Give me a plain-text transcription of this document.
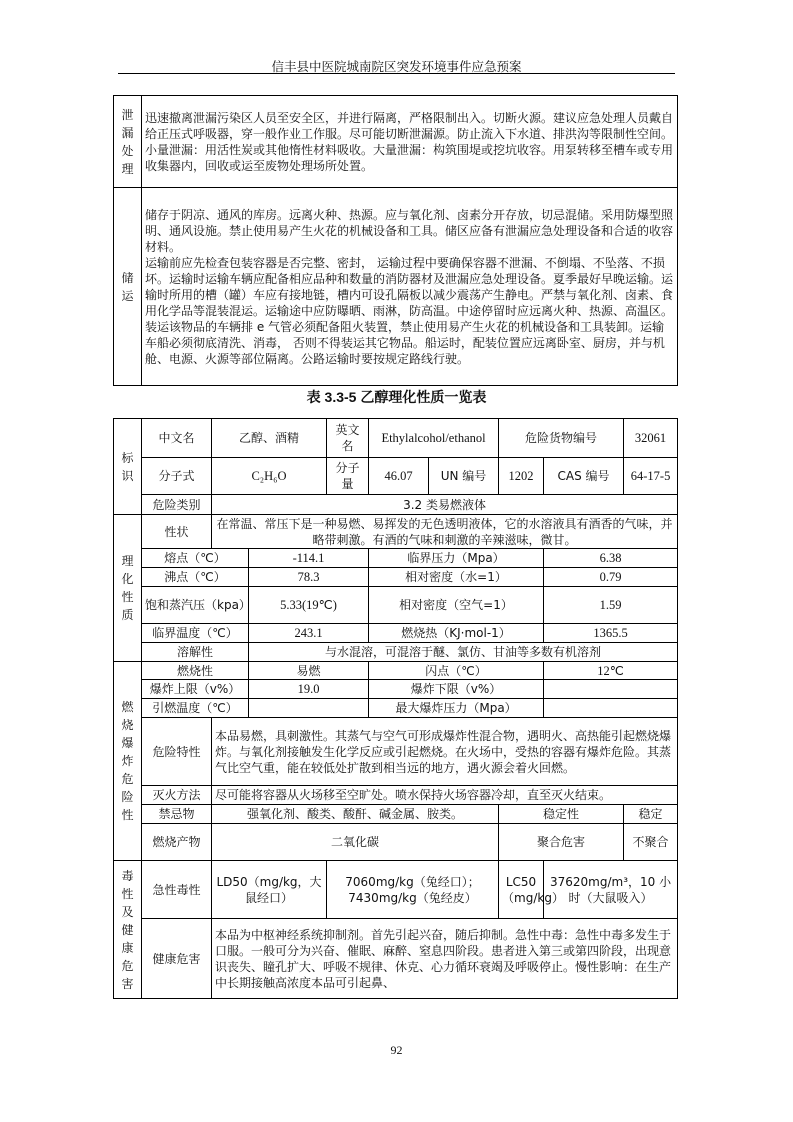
信丰县中医院城南院区突发环境事件应急预案
泄漏处理	迅速撤离泄漏污染区人员至安全区，并进行隔离，严格限制出入。切断火源。建议应急处理人员戴自给正压式呼吸器，穿一般作业工作服。尽可能切断泄漏源。防止流入下水道、排洪沟等限制性空间。小量泄漏：用活性炭或其他惰性材料吸收。大量泄漏：构筑围堤或挖坑收容。用泵转移至槽车或专用收集器内，回收或运至废物处理场所处置。

储运	储存于阴凉、通风的库房。远离火种、热源。应与氧化剂、卤素分开存放，切忌混储。采用防爆型照明、通风设施。禁止使用易产生火花的机械设备和工具。储区应备有泄漏应急处理设备和合适的收容材料。
运输前应先检查包装容器是否完整、密封， 运输过程中要确保容器不泄漏、不倒塌、不坠落、不损坏。运输时运输车辆应配备相应品种和数量的消防器材及泄漏应急处理设备。夏季最好早晚运输。运输时所用的槽（罐）车应有接地链，槽内可设孔隔板以减少震荡产生静电。严禁与氧化剂、卤素、食用化学品等混装混运。运输途中应防曝晒、雨淋，防高温。中途停留时应远离火种、热源、高温区。装运该物品的车辆排 e 气管必须配备阻火装置，禁止使用易产生火花的机械设备和工具装卸。运输车船必须彻底清洗、消毒， 否则不得装运其它物品。船运时，配装位置应远离卧室、厨房，并与机舱、电源、火源等部位隔离。公路运输时要按规定路线行驶。
表 3.3-5 乙醇理化性质一览表
标识	中文名	乙醇、酒精		英文名	Ethylalcohol/ethanol		危险货物编号		32061
	分子式	C₂H₆O		分子量	46.07	UN 编号	1202	CAS 编号	64-17-5
	危险类别	3.2 类易燃液体							

理化性质	性状	在常温、常压下是一种易燃、易挥发的无色透明液体，它的水溶液具有酒香的气味，并略带刺激。有酒的气味和刺激的辛辣滋味，微甘。							
	熔点（℃）		-114.1		临界压力（Mpa）			6.38	
	沸点（℃）		78.3		相对密度（水=1）			0.79	
	饱和蒸汽压（kpa）		5.33(19℃)		相对密度（空气=1）			1.59	
	临界温度（℃）		243.1		燃烧热（KJ·mol-1）			1365.5	
	溶解性		与水混溶，可混溶于醚、氯仿、甘油等多数有机溶剂						

燃烧爆炸危险性	燃烧性		易燃		闪点（℃）			12℃	
	爆炸上限（v%）		19.0		爆炸下限（v%）				
	引燃温度（℃）				最大爆炸压力（Mpa）				
	危险特性	本品易燃，具刺激性。其蒸气与空气可形成爆炸性混合物，遇明火、高热能引起燃烧爆炸。与氧化剂接触发生化学反应或引起燃烧。在火场中，受热的容器有爆炸危险。其蒸气比空气重，能在较低处扩散到相当远的地方，遇火源会着火回燃。							
	灭火方法	尽可能将容器从火场移至空旷处。喷水保持火场容器冷却，直至灭火结束。							
	禁忌物	强氧化剂、酸类、酸酐、碱金属、胺类。					稳定性		稳定
	燃烧产物	二氧化碳					聚合危害		不聚合

毒性及健康危害	急性毒性	LD50（mg/kg，大鼠经口）		7060mg/kg（兔经口）；7430mg/kg（兔经皮）			LC50（mg/kg）	37620mg/m³，10 小时（大鼠吸入）	
	健康危害	本品为中枢神经系统抑制剂。首先引起兴奋，随后抑制。急性中毒：急性中毒多发生于口服。一般可分为兴奋、催眠、麻醉、窒息四阶段。患者进入第三或第四阶段，出现意识丧失、瞳孔扩大、呼吸不规律、休克、心力循环衰竭及呼吸停止。慢性影响：在生产中长期接触高浓度本品可引起鼻、							
92
